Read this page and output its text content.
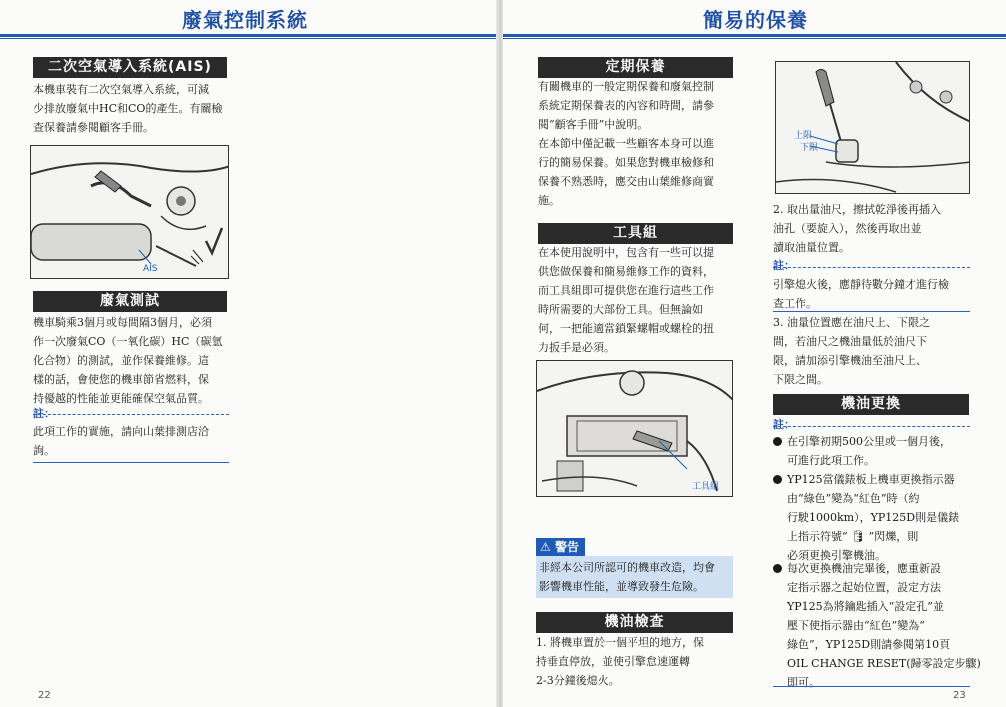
廢氣控制系統
二次空氣導入系統(AIS)
本機車裝有二次空氣導入系統，可減
少排放廢氣中HC和CO的產生。有關檢
查保養請參閱顧客手冊。
AIS
廢氣測試
機車騎乘3個月或每間隔3個月，必須
作一次廢氣CO（一氧化碳）HC（碳氫
化合物）的測試，並作保養維修。這
樣的話，會使您的機車節省燃料，保
持優越的性能並更能確保空氣品質。
註：
此項工作的實施，請向山葉排測店洽
詢。
22
簡易的保養
定期保養
有關機車的一般定期保養和廢氣控制
系統定期保養表的內容和時間，請參
閱“顧客手冊”中說明。
在本節中僅記載一些顧客本身可以進
行的簡易保養。如果您對機車檢修和
保養不熟悉時，應交由山葉維修商實
施。
工具組
在本使用說明中，包含有一些可以提
供您做保養和簡易維修工作的資料，
而工具組即可提供您在進行這些工作
時所需要的大部份工具。但無論如
何，一把能適當鎖緊螺帽或螺栓的扭
力扳手是必須。
工具組
⚠ 警告
非經本公司所認可的機車改造，均會
影響機車性能，並導致發生危險。
機油檢查
1. 將機車置於一個平坦的地方，保
持垂直停放，並使引擎怠速運轉
2-3分鐘後熄火。
上限
下限
2. 取出量油尺，擦拭乾淨後再插入
油孔（要旋入），然後再取出並
讀取油量位置。
註：
引擎熄火後，應靜待數分鐘才進行檢
查工作。
3. 油量位置應在油尺上、下限之
間，若油尺之機油量低於油尺下
限，請加添引擎機油至油尺上、
下限之間。
機油更換
註：
在引擎初期500公里或一個月後，
可進行此項工作。
YP125當儀錶板上機車更換指示器
由“綠色”變為“紅色”時（約
行駛1000km），YP125D則是儀錶
上指示符號“ 🛢 ”閃爍，則
必須更換引擎機油。
每次更換機油完畢後，應重新設
定指示器之起始位置，設定方法
YP125為將鑰匙插入“設定孔”並
壓下使指示器由“紅色”變為“
綠色”，YP125D則請參閱第10頁
OIL CHANGE RESET(歸零設定步驟)
即可。
23
